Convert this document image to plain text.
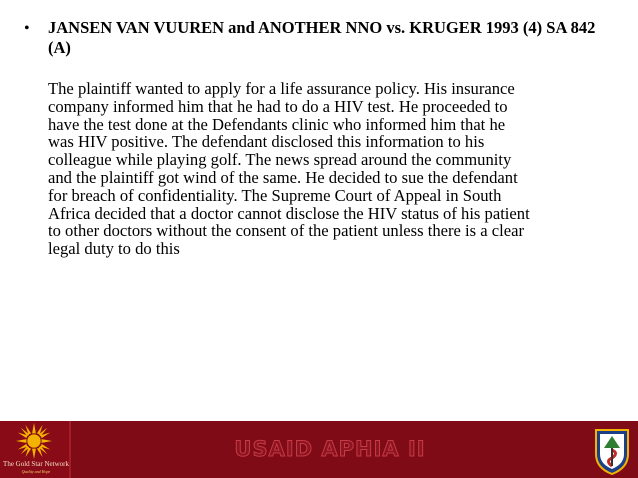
• JANSEN VAN VUUREN and ANOTHER NNO vs. KRUGER 1993 (4) SA 842 (A)
The plaintiff wanted to apply for a life assurance policy. His insurance
company informed him that he had to do a HIV test. He proceeded to
have the test done at the Defendants clinic who informed him that he
was HIV positive. The defendant disclosed this information to his
colleague while playing golf. The news spread around the community
and the plaintiff got wind of the same. He decided to sue the defendant
for breach of confidentiality. The Supreme Court of Appeal in South
Africa decided that a doctor cannot disclose the HIV status of his patient
to other doctors without the consent of the patient unless there is a clear
legal duty to do this
The Gold Star Network
Quality and Hope
USAID APHIA II
